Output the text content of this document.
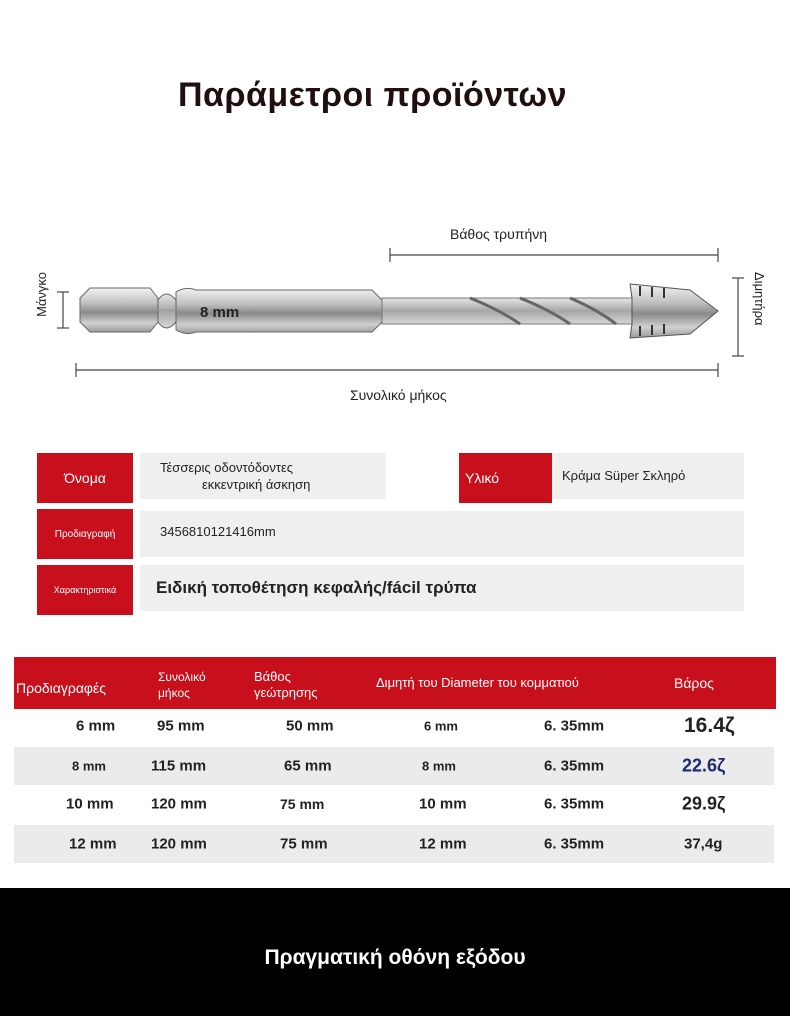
Παράμετροι προϊόντων
Βάθος τρυπήνη
Μάνγκο	Διμητήρα
Συνολικό μήκος
8 mm
Όνομα
Τέσσερις οδοντόδοντες
εκκεντρική άσκηση	Υλικό	Κράμα Süper Σκληρό
Προδιαγραφή	3456810121416mm
Χαρακτηριστικά	Ειδική τοποθέτηση κεφαλής/fácil τρύπα
Προδιαγραφές
Συνολικό
μήκος
Βάθος
γεώτρησης
Διμητή του Diameter του κομματιού	Βάρος
6 mm	95 mm	50 mm	6 mm	6. 35mm	16.4ζ
8 mm	115 mm	65 mm	8 mm	6. 35mm	22.6ζ
10 mm 120 mm	75 mm	10 mm	6. 35mm	29.9ζ
12 mm 120 mm	75 mm	12 mm	6. 35mm	37,4g
Πραγματική οθόνη εξόδου
